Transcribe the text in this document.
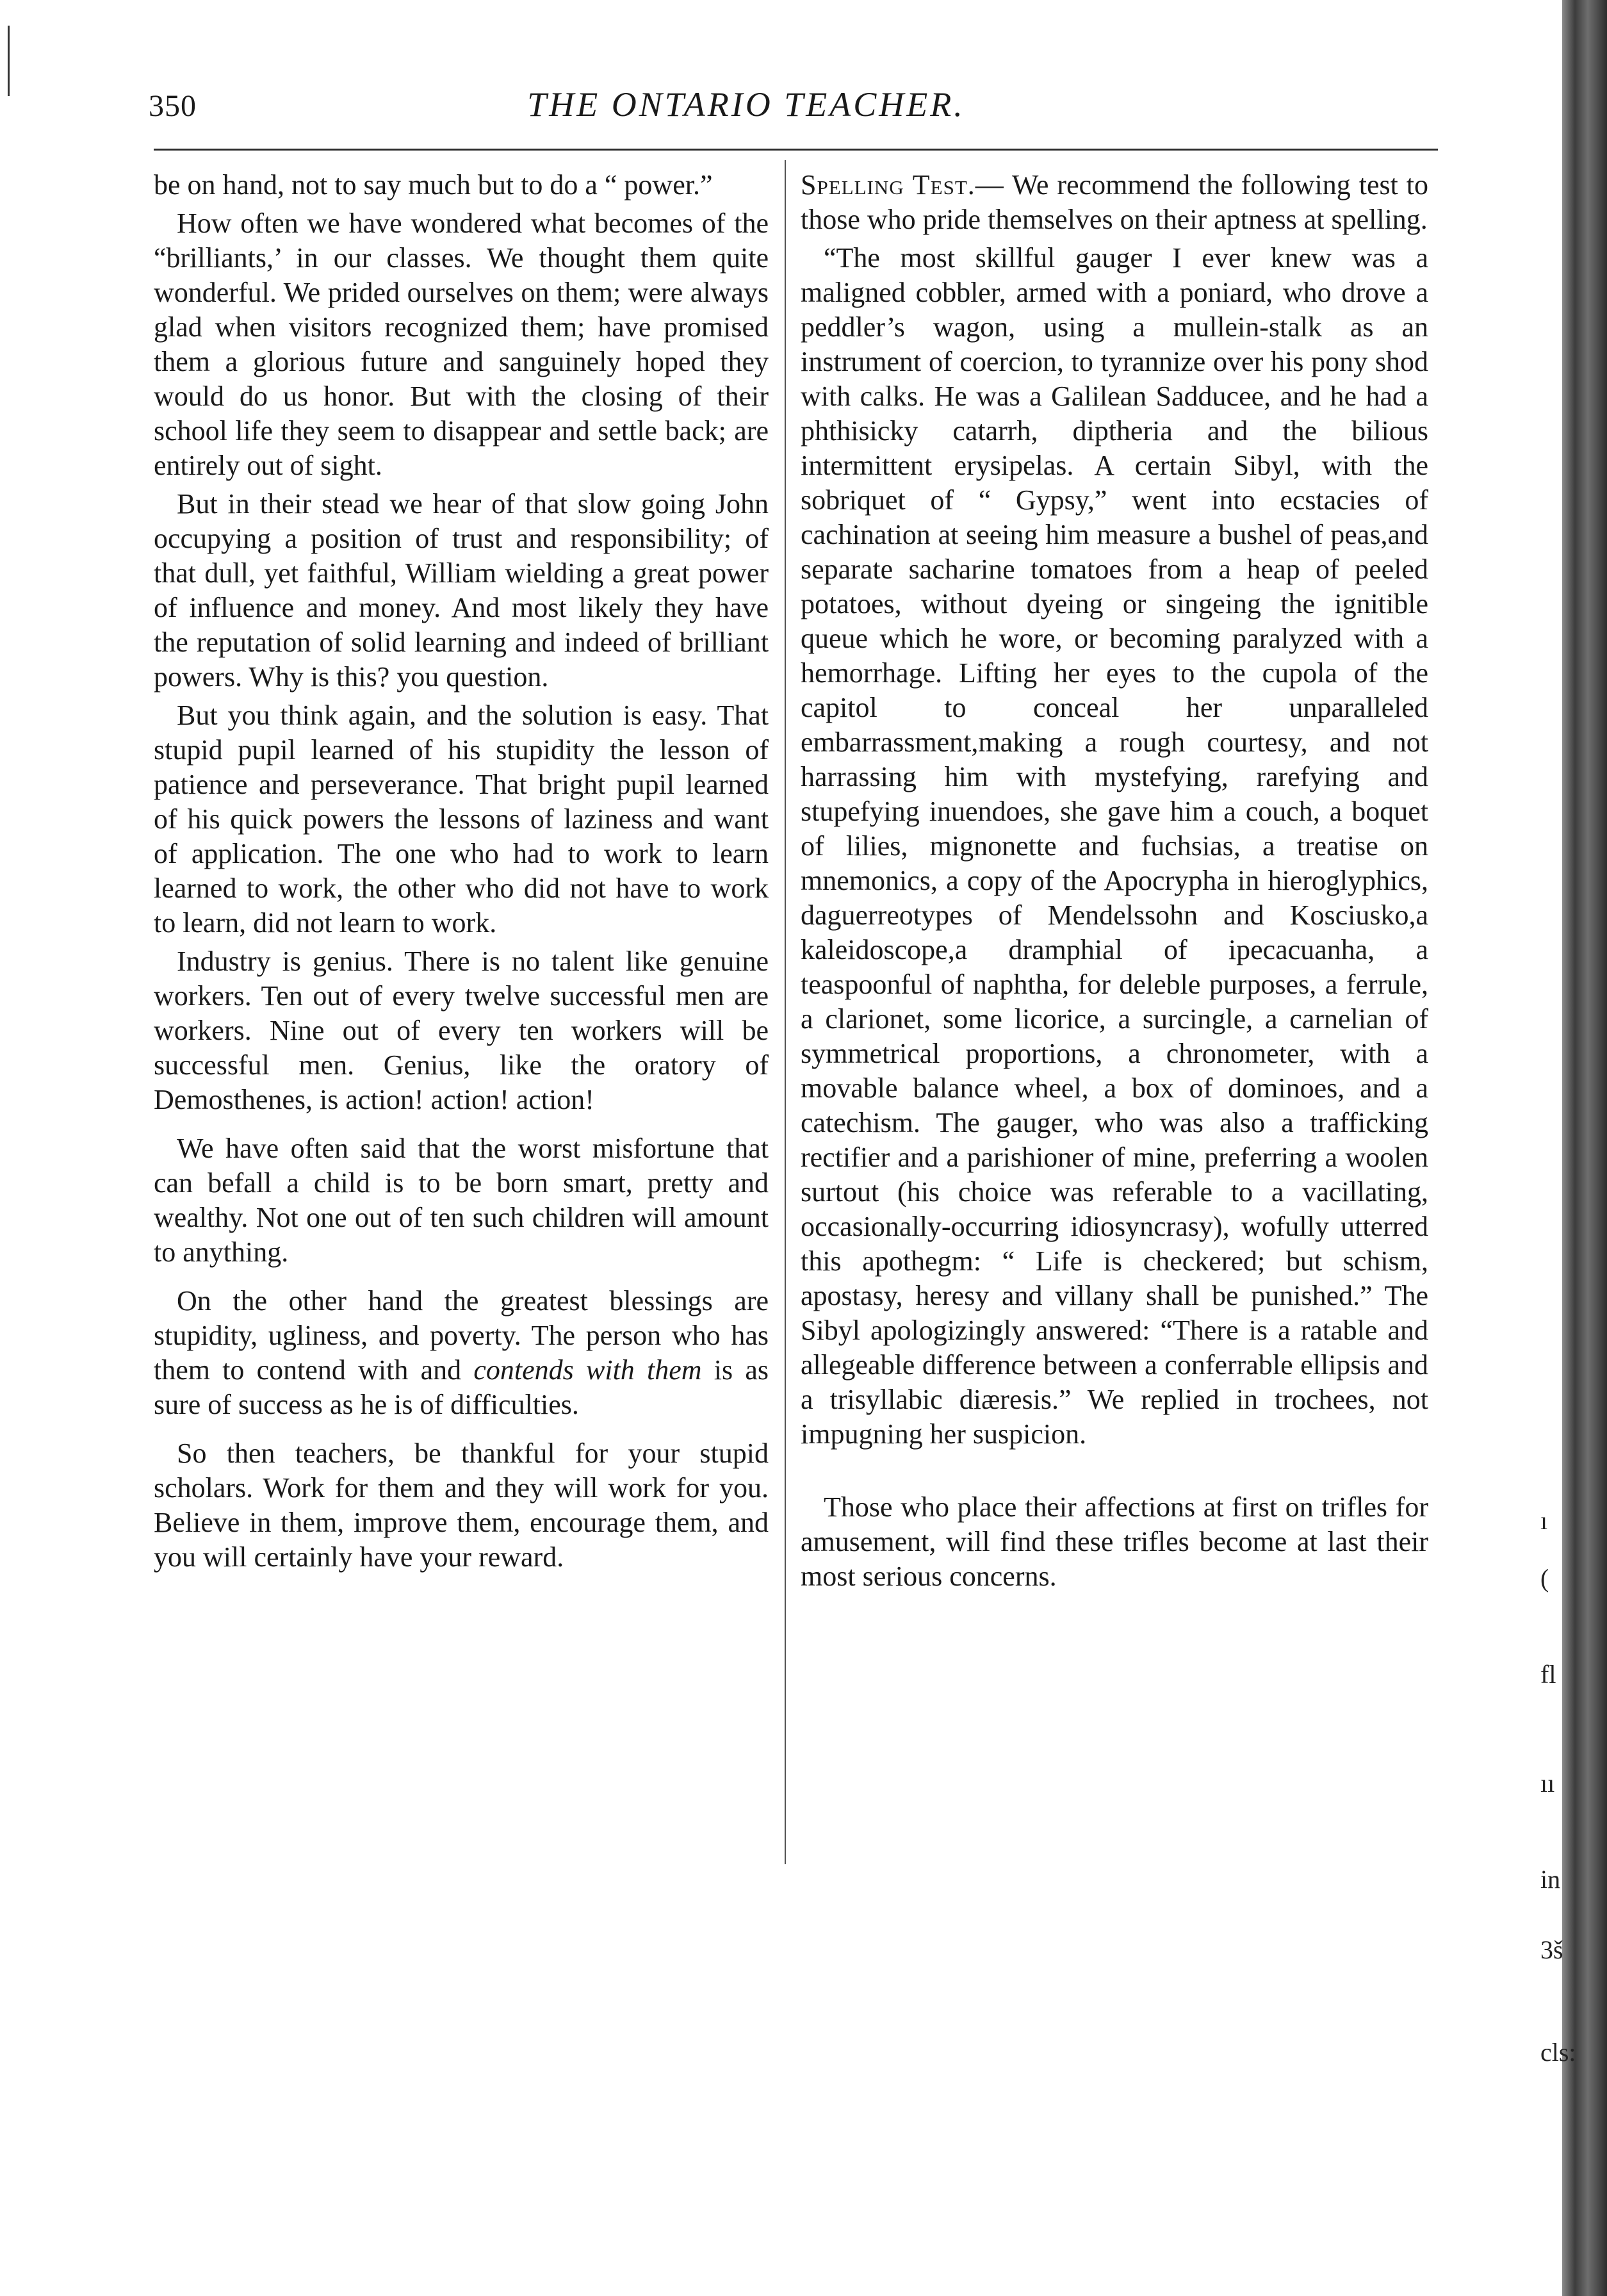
350	THE ONTARIO TEACHER.

be on hand, not to say much but to do a “ power.”

How often we have wondered what becomes of the “brilliants,’ in our classes. We thought them quite wonderful. We prided ourselves on them; were always glad when visitors recognized them; have promised them a glorious future and sanguinely hoped they would do us honor. But with the closing of their school life they seem to disappear and settle back; are entirely out of sight.

But in their stead we hear of that slow going John occupying a position of trust and responsibility; of that dull, yet faithful, William wielding a great power of influence and money. And most likely they have the reputation of solid learning and indeed of brilliant powers. Why is this? you question.

But you think again, and the solution is easy. That stupid pupil learned of his stupidity the lesson of patience and perseverance. That bright pupil learned of his quick powers the lessons of laziness and want of application. The one who had to work to learn learned to work, the other who did not have to work to learn, did not learn to work.

Industry is genius. There is no talent like genuine workers. Ten out of every twelve successful men are workers. Nine out of every ten workers will be successful men. Genius, like the oratory of Demosthenes, is action! action! action!

We have often said that the worst misfortune that can befall a child is to be born smart, pretty and wealthy. Not one out of ten such children will amount to anything.

On the other hand the greatest blessings are stupidity, ugliness, and poverty. The person who has them to contend with and contends with them is as sure of success as he is of difficulties.

So then teachers, be thankful for your stupid scholars. Work for them and they will work for you. Believe in them, improve them, encourage them, and you will certainly have your reward.

Spelling Test.— We recommend the following test to those who pride themselves on their aptness at spelling.

“The most skillful gauger I ever knew was a maligned cobbler, armed with a poniard, who drove a peddler’s wagon, using a mullein-stalk as an instrument of coercion, to tyrannize over his pony shod with calks. He was a Galilean Sadducee, and he had a phthisicky catarrh, diptheria and the bilious intermittent erysipelas. A certain Sibyl, with the sobriquet of “ Gypsy,” went into ecstacies of cachination at seeing him measure a bushel of peas,and separate sacharine tomatoes from a heap of peeled potatoes, without dyeing or singeing the ignitible queue which he wore, or becoming paralyzed with a hemorrhage. Lifting her eyes to the cupola of the capitol to conceal her unparalleled embarrassment,making a rough courtesy, and not harrassing him with mystefying, rarefying and stupefying inuendoes, she gave him a couch, a boquet of lilies, mignonette and fuchsias, a treatise on mnemonics, a copy of the Apocrypha in hieroglyphics, daguerreotypes of Mendelssohn and Kosciusko,a kaleidoscope,a dramphial of ipecacuanha, a teaspoonful of naphtha, for deleble purposes, a ferrule, a clarionet, some licorice, a surcingle, a carnelian of symmetrical proportions, a chronometer, with a movable balance wheel, a box of dominoes, and a catechism. The gauger, who was also a trafficking rectifier and a parishioner of mine, preferring a woolen surtout (his choice was referable to a vacillating, occasionally-occurring idiosyncrasy), wofully utterred this apothegm: “ Life is checkered; but schism, apostasy, heresy and villany shall be punished.” The Sibyl apologizingly answered: “There is a ratable and allegeable difference between a conferrable ellipsis and a trisyllabic diæresis.” We replied in trochees, not impugning her suspicion.

Those who place their affections at first on trifles for amusement, will find these trifles become at last their most serious concerns.

ı
(
fl
ıı
in
3š
cls:
